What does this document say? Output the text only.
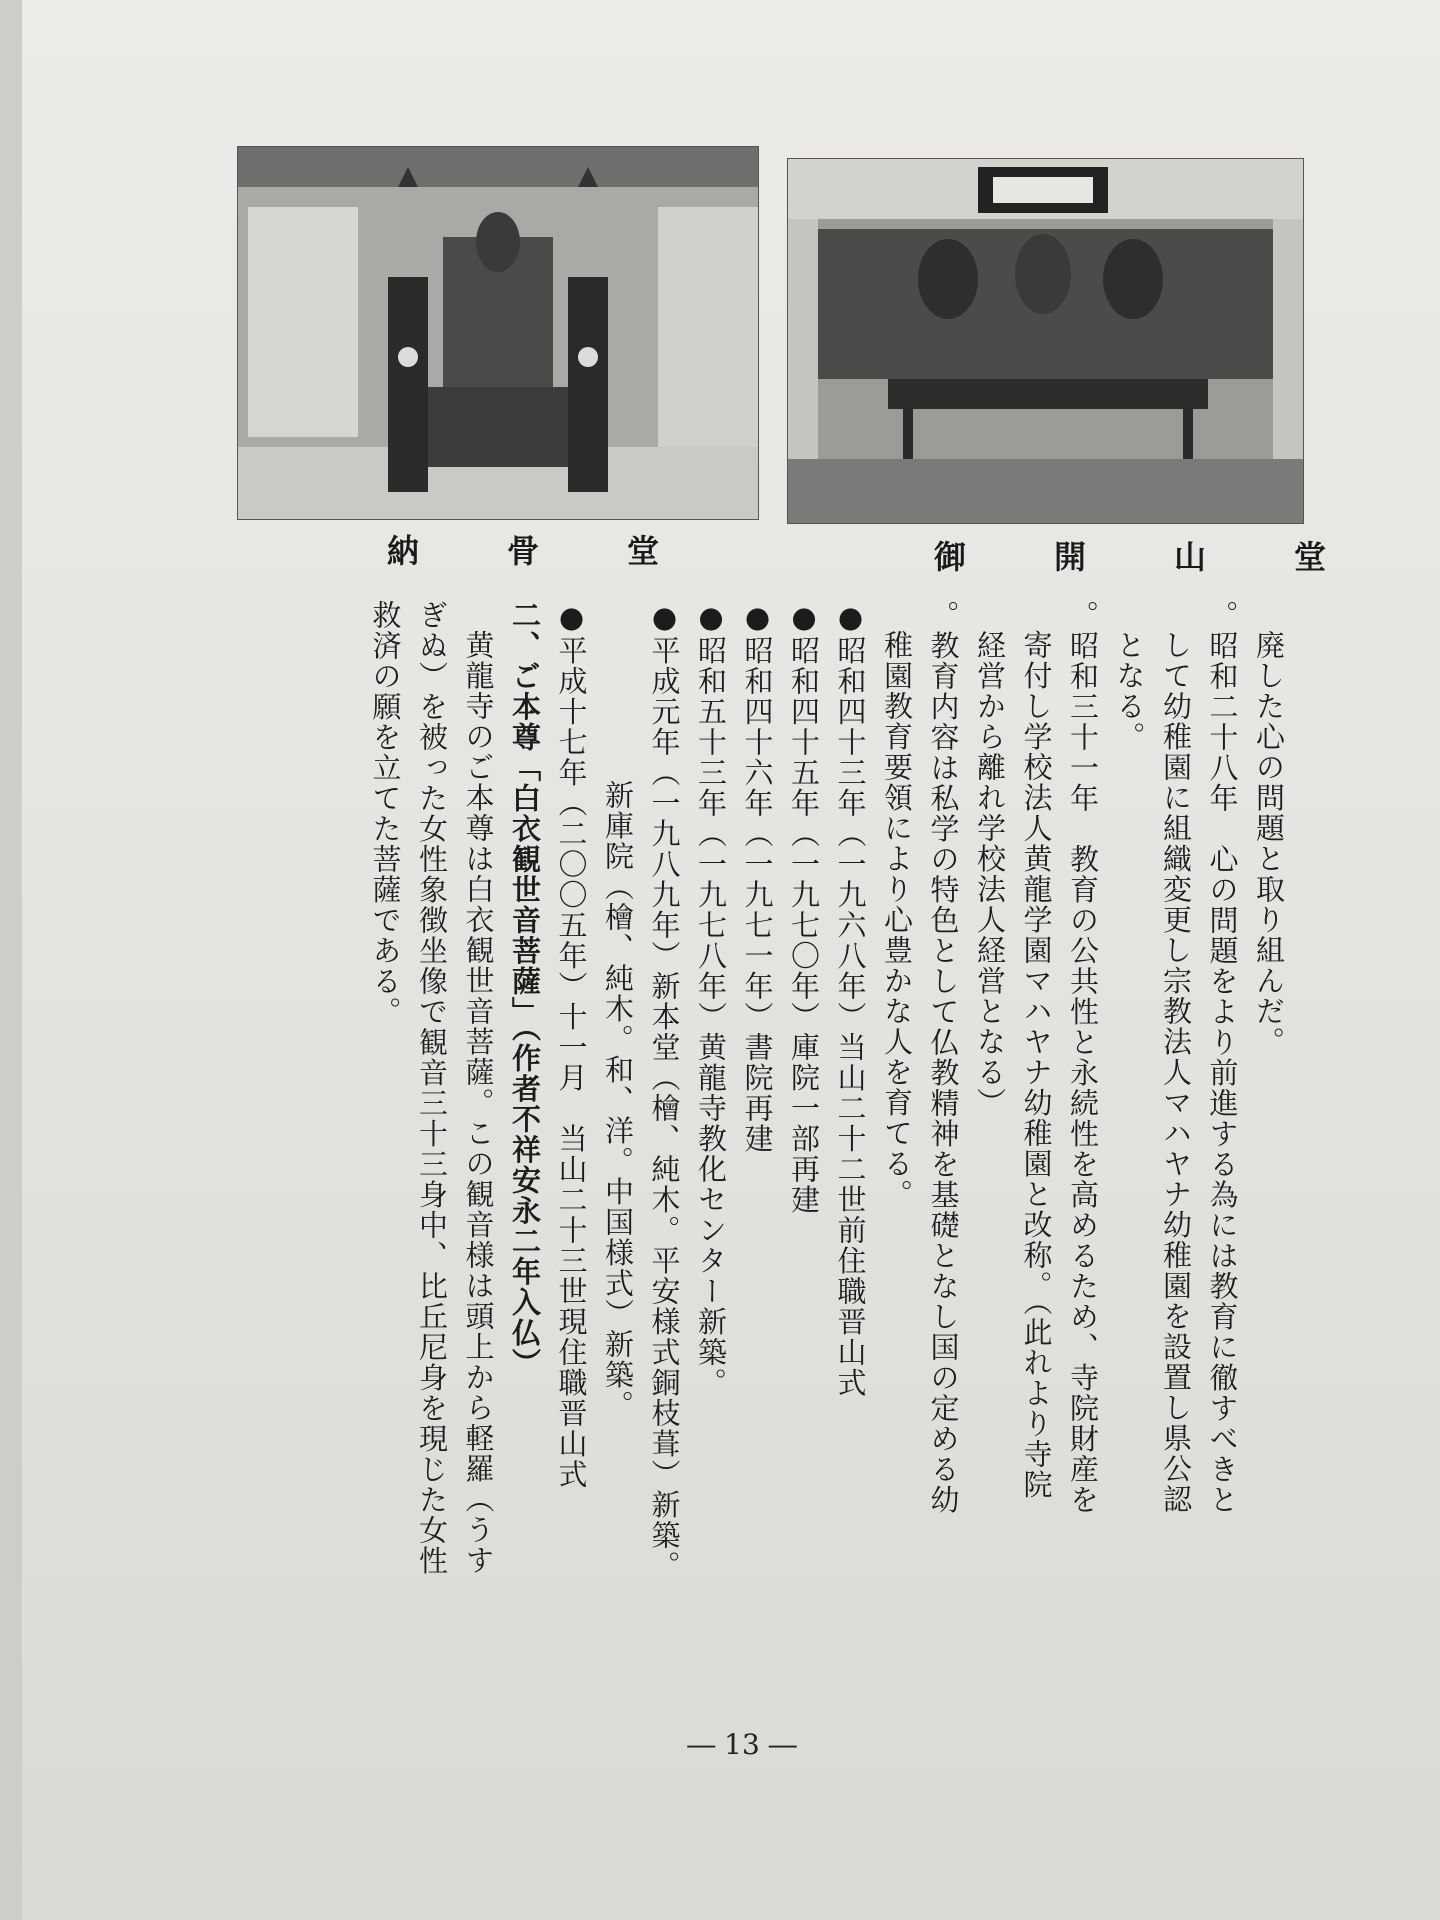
納　骨　堂	御　開　山　堂
廃した心の問題と取り組んだ。
。昭和二十八年　心の問題をより前進する為には教育に徹すべきと
して幼稚園に組織変更し宗教法人マハヤナ幼稚園を設置し県公認
となる。
。昭和三十一年　教育の公共性と永続性を高めるため、寺院財産を
寄付し学校法人黄龍学園マハヤナ幼稚園と改称。（此れより寺院
経営から離れ学校法人経営となる）
。教育内容は私学の特色として仏教精神を基礎となし国の定める幼
稚園教育要領により心豊かな人を育てる。
●昭和四十三年（一九六八年）当山二十二世前住職晋山式
●昭和四十五年（一九七〇年）庫院一部再建
●昭和四十六年（一九七一年）書院再建
●昭和五十三年（一九七八年）黄龍寺教化センター新築。
●平成元年（一九八九年）新本堂（檜、純木。平安様式銅枝葺）新築。
新庫院（檜、純木。和、洋。中国様式）新築。
●平成十七年（二〇〇五年）十一月　当山二十三世現住職晋山式
二、ご本尊「白衣観世音菩薩」（作者不祥安永二年入仏）
黄龍寺のご本尊は白衣観世音菩薩。この観音様は頭上から軽羅（うす
ぎぬ）を被った女性象徴坐像で観音三十三身中、比丘尼身を現じた女性
救済の願を立てた菩薩である。
― 13 ―
